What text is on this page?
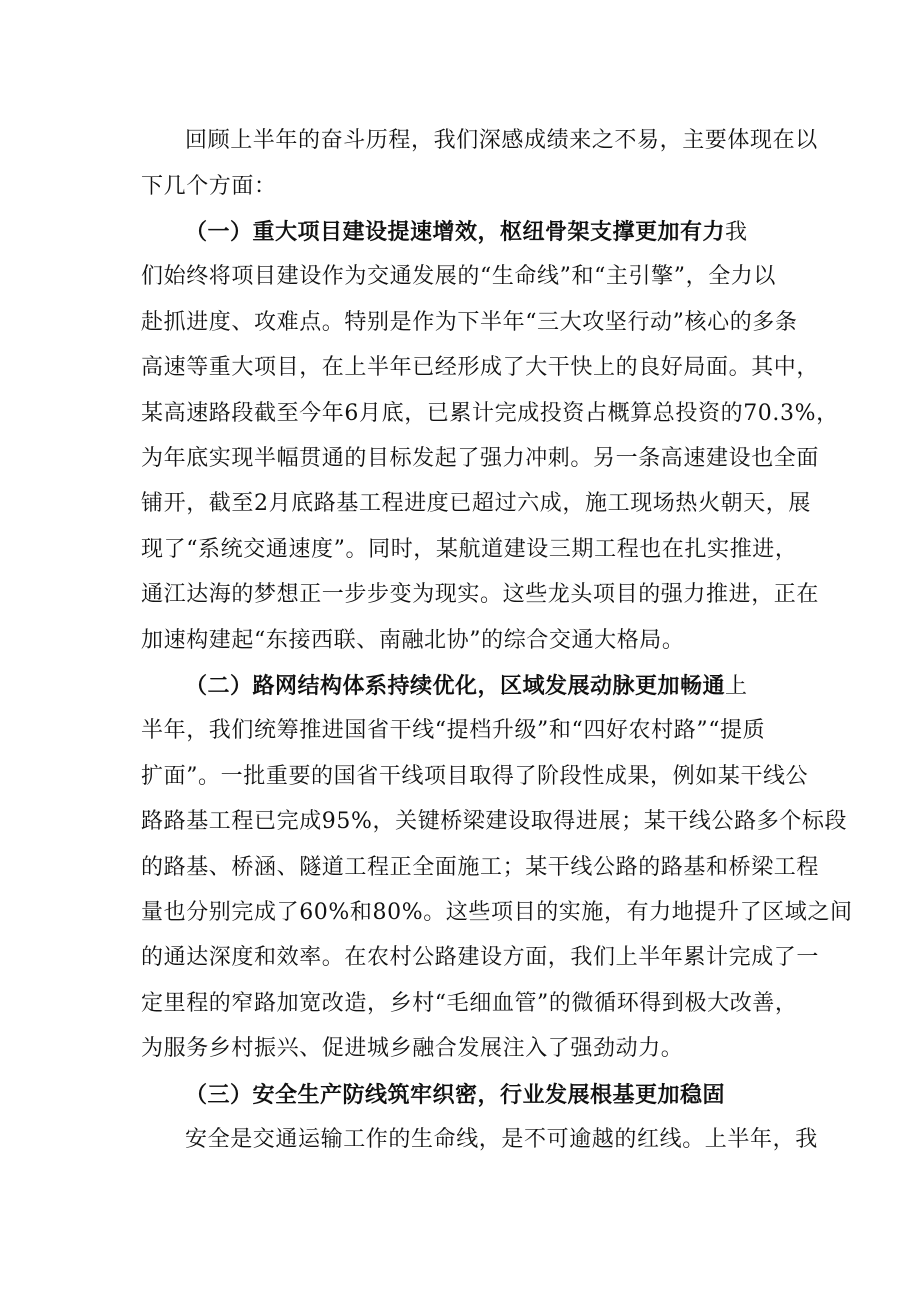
回顾上半年的奋斗历程，我们深感成绩来之不易，主要体现在以
下几个方面：
（一）重大项目建设提速增效，枢纽骨架支撑更加有力我
们始终将项目建设作为交通发展的“生命线”和“主引擎”，全力以
赴抓进度、攻难点。特别是作为下半年“三大攻坚行动”核心的多条
高速等重大项目，在上半年已经形成了大干快上的良好局面。其中，
某高速路段截至今年6月底，已累计完成投资占概算总投资的70.3%，
为年底实现半幅贯通的目标发起了强力冲刺。另一条高速建设也全面
铺开，截至2月底路基工程进度已超过六成，施工现场热火朝天，展
现了“系统交通速度”。同时，某航道建设三期工程也在扎实推进，
通江达海的梦想正一步步变为现实。这些龙头项目的强力推进，正在
加速构建起“东接西联、南融北协”的综合交通大格局。
（二）路网结构体系持续优化，区域发展动脉更加畅通上
半年，我们统筹推进国省干线“提档升级”和“四好农村路”“提质
扩面”。一批重要的国省干线项目取得了阶段性成果，例如某干线公
路路基工程已完成95%，关键桥梁建设取得进展；某干线公路多个标段
的路基、桥涵、隧道工程正全面施工；某干线公路的路基和桥梁工程
量也分别完成了60%和80%。这些项目的实施，有力地提升了区域之间
的通达深度和效率。在农村公路建设方面，我们上半年累计完成了一
定里程的窄路加宽改造，乡村“毛细血管”的微循环得到极大改善，
为服务乡村振兴、促进城乡融合发展注入了强劲动力。
（三）安全生产防线筑牢织密，行业发展根基更加稳固
安全是交通运输工作的生命线，是不可逾越的红线。上半年，我
